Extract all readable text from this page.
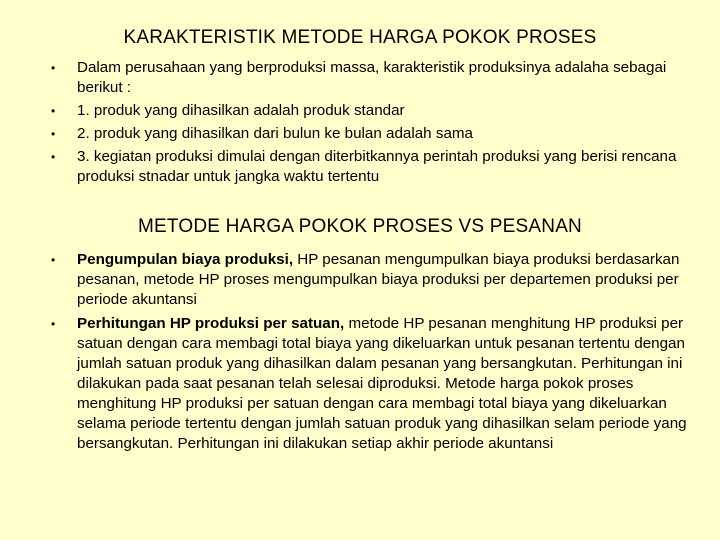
KARAKTERISTIK METODE HARGA POKOK PROSES
• Dalam perusahaan yang berproduksi massa, karakteristik produksinya adalaha sebagai berikut :
• 1. produk yang dihasilkan adalah produk standar
• 2. produk yang dihasilkan dari bulun ke bulan adalah sama
• 3. kegiatan produksi dimulai dengan diterbitkannya perintah produksi yang berisi rencana produksi stnadar untuk jangka waktu tertentu
METODE HARGA POKOK PROSES VS PESANAN
• Pengumpulan biaya produksi, HP pesanan mengumpulkan biaya produksi berdasarkan pesanan, metode HP proses mengumpulkan biaya produksi per departemen produksi per periode akuntansi
• Perhitungan HP produksi per satuan, metode HP pesanan menghitung HP produksi per satuan dengan cara membagi total biaya yang dikeluarkan untuk pesanan tertentu dengan jumlah satuan produk yang dihasilkan dalam pesanan yang bersangkutan. Perhitungan ini dilakukan pada saat pesanan telah selesai diproduksi. Metode harga pokok proses menghitung HP produksi per satuan dengan cara membagi total biaya yang dikeluarkan selama periode tertentu dengan jumlah satuan produk yang dihasilkan selam periode yang bersangkutan. Perhitungan ini dilakukan setiap akhir periode akuntansi
